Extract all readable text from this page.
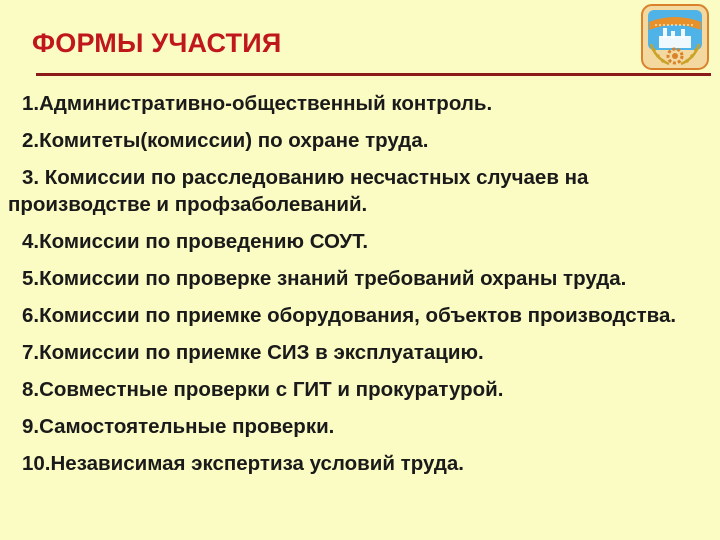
ФОРМЫ УЧАСТИЯ
1.Административно-общественный контроль.
2.Комитеты(комиссии) по охране труда.
3. Комиссии по расследованию несчастных случаев на производстве и профзаболеваний.
4.Комиссии по проведению СОУТ.
5.Комиссии по проверке знаний требований охраны труда.
6.Комиссии по приемке оборудования, объектов производства.
7.Комиссии по приемке СИЗ в эксплуатацию.
8.Совместные проверки с ГИТ и прокуратурой.
9.Самостоятельные проверки.
10.Независимая экспертиза условий труда.
